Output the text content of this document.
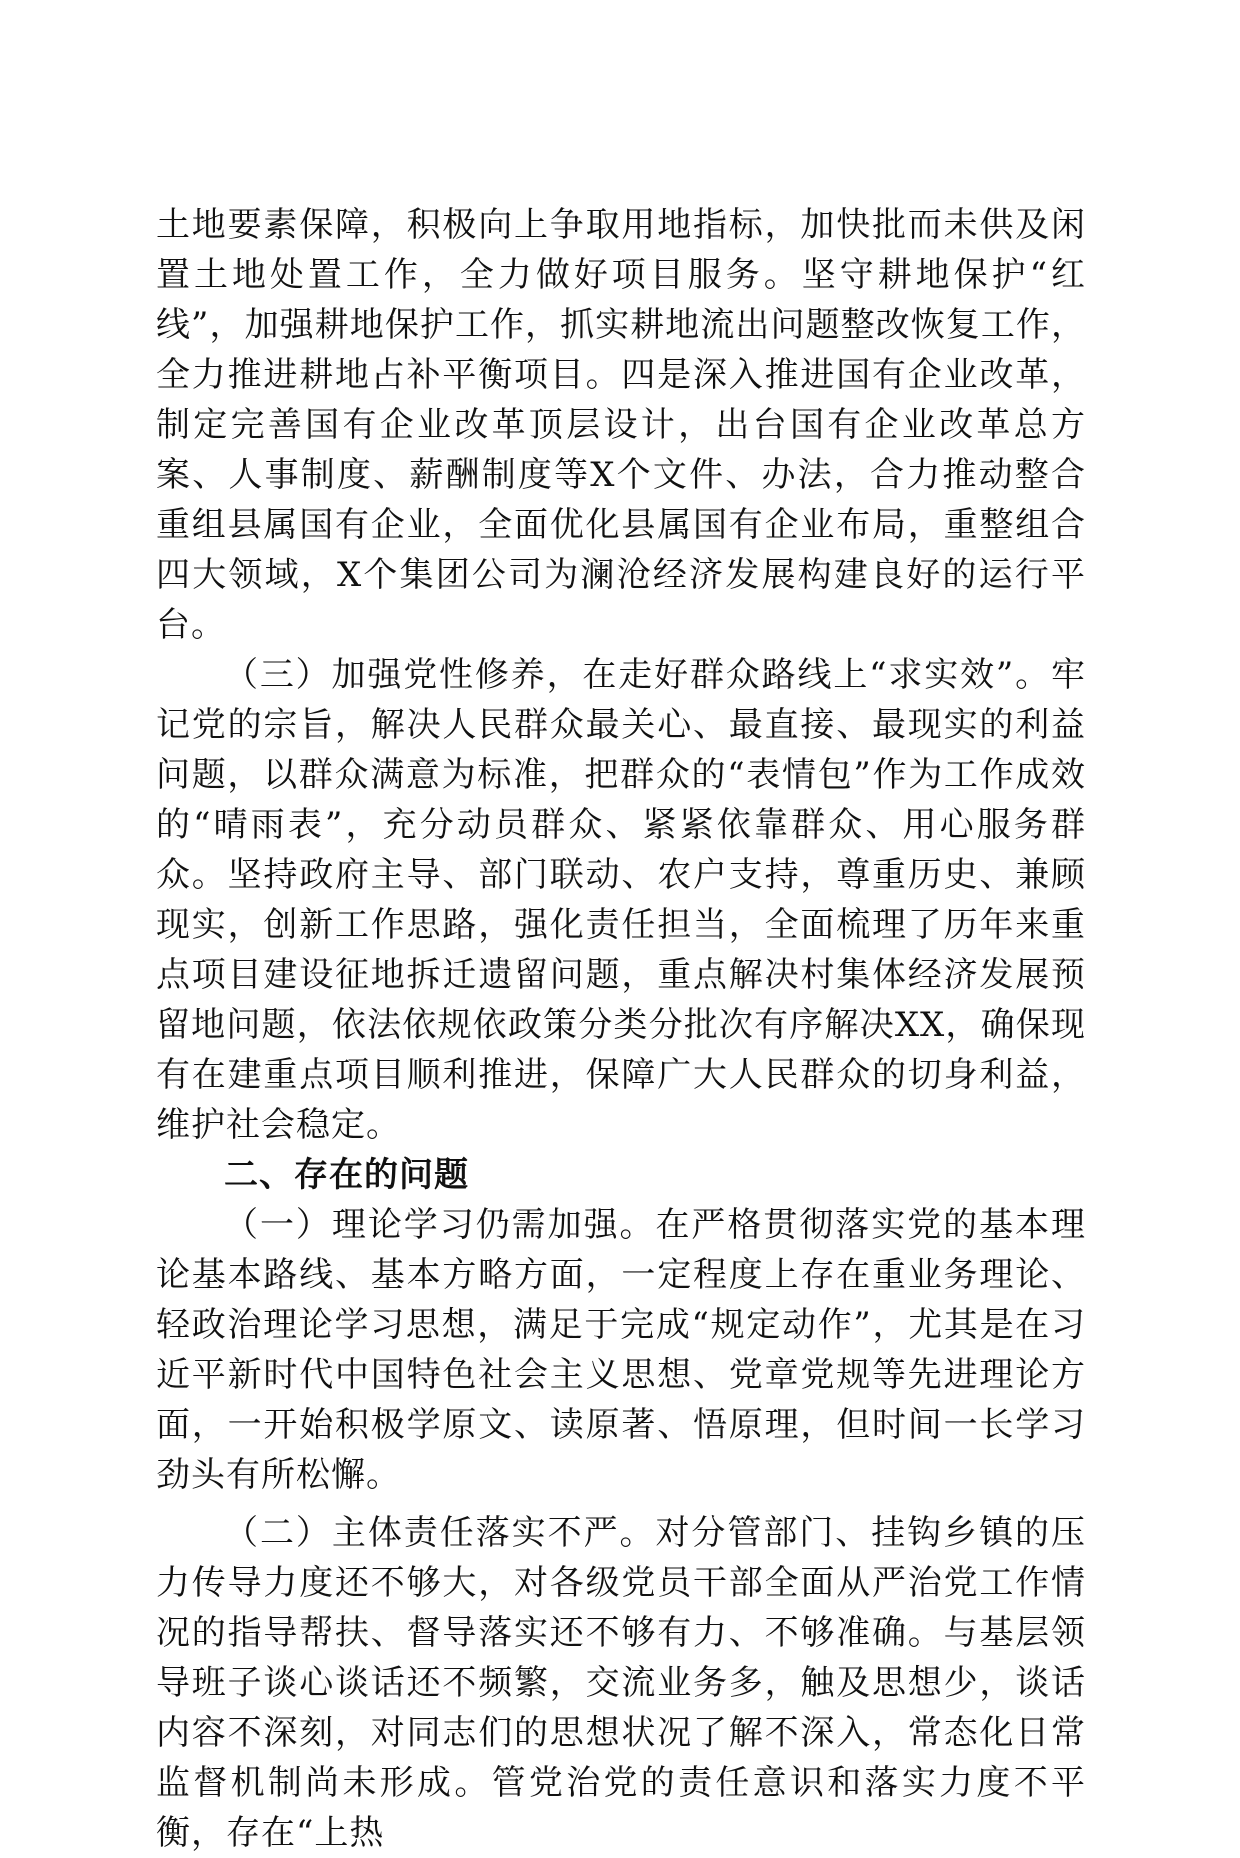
土地要素保障，积极向上争取用地指标，加快批而未供及闲置土地处置工作，全力做好项目服务。坚守耕地保护“红线”，加强耕地保护工作，抓实耕地流出问题整改恢复工作，全力推进耕地占补平衡项目。四是深入推进国有企业改革，制定完善国有企业改革顶层设计，出台国有企业改革总方案、人事制度、薪酬制度等X个文件、办法，合力推动整合重组县属国有企业，全面优化县属国有企业布局，重整组合四大领域，X个集团公司为澜沧经济发展构建良好的运行平台。

（三）加强党性修养，在走好群众路线上“求实效”。牢记党的宗旨，解决人民群众最关心、最直接、最现实的利益问题，以群众满意为标准，把群众的“表情包”作为工作成效的“晴雨表”，充分动员群众、紧紧依靠群众、用心服务群众。坚持政府主导、部门联动、农户支持，尊重历史、兼顾现实，创新工作思路，强化责任担当，全面梳理了历年来重点项目建设征地拆迁遗留问题，重点解决村集体经济发展预留地问题，依法依规依政策分类分批次有序解决XX，确保现有在建重点项目顺利推进，保障广大人民群众的切身利益，维护社会稳定。

二、存在的问题

（一）理论学习仍需加强。在严格贯彻落实党的基本理论基本路线、基本方略方面，一定程度上存在重业务理论、轻政治理论学习思想，满足于完成“规定动作”，尤其是在习近平新时代中国特色社会主义思想、党章党规等先进理论方面，一开始积极学原文、读原著、悟原理，但时间一长学习劲头有所松懈。

（二）主体责任落实不严。对分管部门、挂钩乡镇的压力传导力度还不够大，对各级党员干部全面从严治党工作情况的指导帮扶、督导落实还不够有力、不够准确。与基层领导班子谈心谈话还不频繁，交流业务多，触及思想少，谈话内容不深刻，对同志们的思想状况了解不深入，常态化日常监督机制尚未形成。管党治党的责任意识和落实力度不平衡，存在“上热
